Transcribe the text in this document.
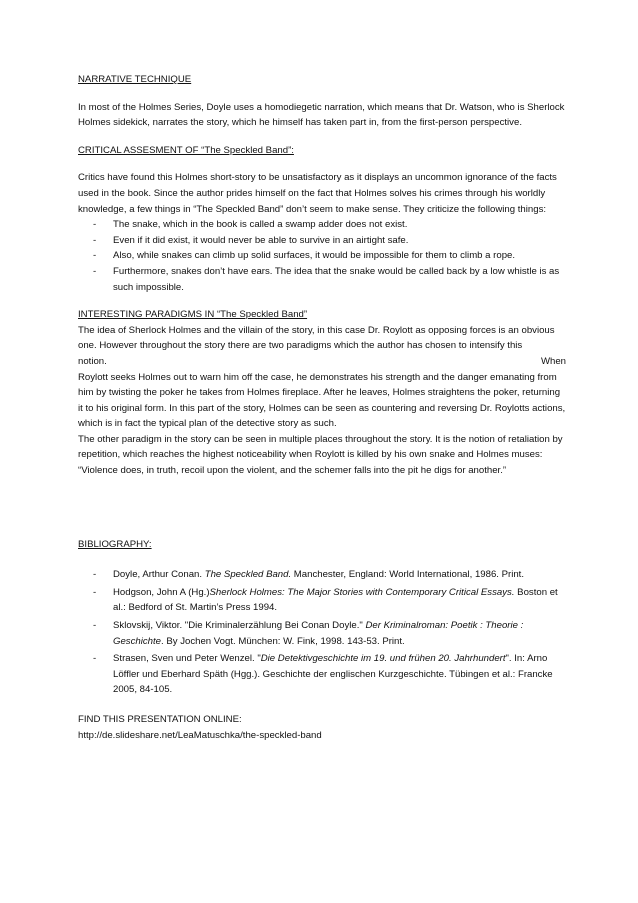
NARRATIVE TECHNIQUE

In most of the Holmes Series, Doyle uses a homodiegetic narration, which means that Dr. Watson, who is Sherlock Holmes sidekick, narrates the story, which he himself has taken part in, from the first-person perspective.

CRITICAL ASSESMENT OF “The Speckled Band”:

Critics have found this Holmes short-story to be unsatisfactory as it displays an uncommon ignorance of the facts used in the book. Since the author prides himself on the fact that Holmes solves his crimes through his worldly knowledge, a few things in “The Speckled Band” don’t seem to make sense. They criticize the following things:

- The snake, which in the book is called a swamp adder does not exist.
- Even if it did exist, it would never be able to survive in an airtight safe.
- Also, while snakes can climb up solid surfaces, it would be impossible for them to climb a rope.
- Furthermore, snakes don’t have ears. The idea that the snake would be called back by a low whistle is as such impossible.

INTERESTING PARADIGMS IN “The Speckled Band”

The idea of Sherlock Holmes and the villain of the story, in this case Dr. Roylott as opposing forces is an obvious one. However throughout the story there are two paradigms which the author has chosen to intensify this

notion.	When

Roylott seeks Holmes out to warn him off the case, he demonstrates his strength and the danger emanating from him by twisting the poker he takes from Holmes fireplace. After he leaves, Holmes straightens the poker, returning it to his original form. In this part of the story, Holmes can be seen as countering and reversing Dr. Roylotts actions, which is in fact the typical plan of the detective story as such.

The other paradigm in the story can be seen in multiple places throughout the story. It is the notion of retaliation by repetition, which reaches the highest noticeability when Roylott is killed by his own snake and Holmes muses:

“Violence does, in truth, recoil upon the violent, and the schemer falls into the pit he digs for another.”

BIBLIOGRAPHY:

- Doyle, Arthur Conan. The Speckled Band. Manchester, England: World International, 1986. Print.
- Hodgson, John A (Hg.)Sherlock Holmes: The Major Stories with Contemporary Critical Essays. Boston et al.: Bedford of St. Martin’s Press 1994.
- Sklovskij, Viktor. "Die Kriminalerzählung Bei Conan Doyle." Der Kriminalroman: Poetik : Theorie : Geschichte. By Jochen Vogt. München: W. Fink, 1998. 143-53. Print.
- Strasen, Sven und Peter Wenzel. "Die Detektivgeschichte im 19. und frühen 20. Jahrhundert". In: Arno Löffler und Eberhard Späth (Hgg.). Geschichte der englischen Kurzgeschichte. Tübingen et al.: Francke 2005, 84-105.

FIND THIS PRESENTATION ONLINE:

http://de.slideshare.net/LeaMatuschka/the-speckled-band
